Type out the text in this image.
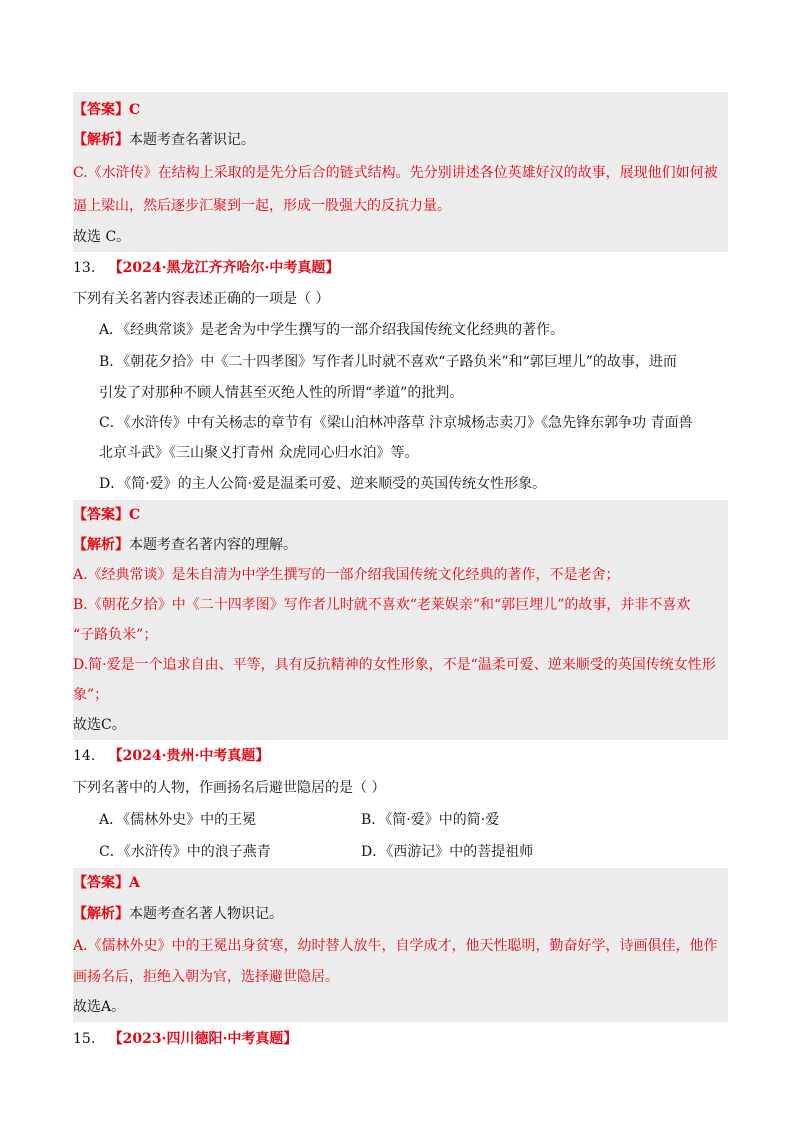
【答案】C
【解析】本题考查名著识记。
C.《水浒传》在结构上采取的是先分后合的链式结构。先分别讲述各位英雄好汉的故事，展现他们如何被
逼上梁山，然后逐步汇聚到一起，形成一股强大的反抗力量。
故选 C。
13. 【2024·黑龙江齐齐哈尔·中考真题】
下列有关名著内容表述正确的一项是（ ）
A．《经典常谈》是老舍为中学生撰写的一部介绍我国传统文化经典的著作。
B．《朝花夕拾》中《二十四孝图》写作者儿时就不喜欢“子路负米”和“郭巨埋儿”的故事，进而
引发了对那种不顾人情甚至灭绝人性的所谓“孝道”的批判。
C．《水浒传》中有关杨志的章节有《梁山泊林冲落草 汴京城杨志卖刀》《急先锋东郭争功 青面兽
北京斗武》《三山聚义打青州 众虎同心归水泊》等。
D．《简·爱》的主人公简·爱是温柔可爱、逆来顺受的英国传统女性形象。
【答案】C
【解析】本题考查名著内容的理解。
A.《经典常谈》是朱自清为中学生撰写的一部介绍我国传统文化经典的著作，不是老舍；
B.《朝花夕拾》中《二十四孝图》写作者儿时就不喜欢“老莱娱亲”和“郭巨埋儿”的故事，并非不喜欢
“子路负米”；
D.简·爱是一个追求自由、平等，具有反抗精神的女性形象，不是“温柔可爱、逆来顺受的英国传统女性形
象”；
故选C。
14. 【2024·贵州·中考真题】
下列名著中的人物，作画扬名后避世隐居的是（ ）
A．《儒林外史》中的王冕	B．《简·爱》中的简·爱
C．《水浒传》中的浪子燕青	D．《西游记》中的菩提祖师
【答案】A
【解析】本题考查名著人物识记。
A.《儒林外史》中的王冕出身贫寒，幼时替人放牛，自学成才，他天性聪明，勤奋好学，诗画俱佳，他作
画扬名后，拒绝入朝为官，选择避世隐居。
故选A。
15. 【2023·四川德阳·中考真题】
